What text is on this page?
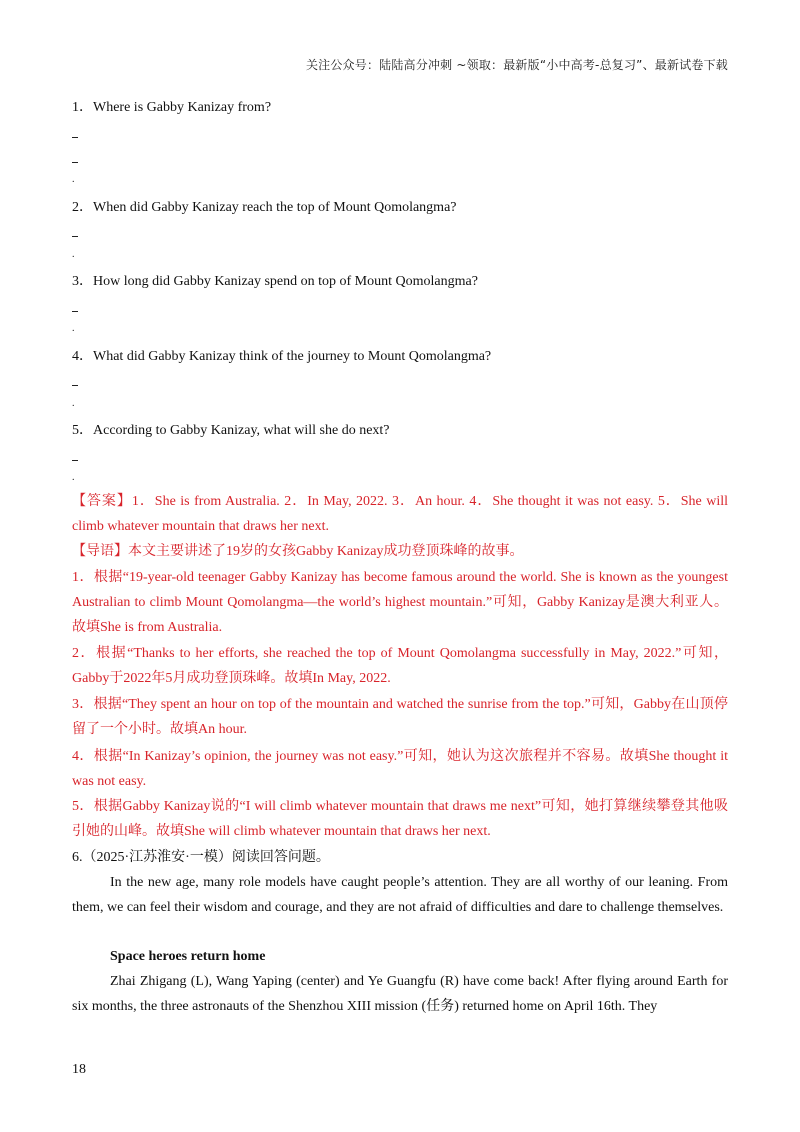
关注公众号：陆陆高分冲刺 ~领取：最新版“小中高考-总复习”、最新试卷下载
1．Where is Gabby Kanizay from?
.
2．When did Gabby Kanizay reach the top of Mount Qomolangma?
.
3．How long did Gabby Kanizay spend on top of Mount Qomolangma?
.
4．What did Gabby Kanizay think of the journey to Mount Qomolangma?
.
5．According to Gabby Kanizay, what will she do next?
.
【答案】1．She is from Australia. 2．In May, 2022. 3．An hour. 4．She thought it was not easy. 5．She will climb whatever mountain that draws her next.
【导语】本文主要讲述了19岁的女孩Gabby Kanizay成功登顶珠峰的故事。
1．根据“19-year-old teenager Gabby Kanizay has become famous around the world. She is known as the youngest Australian to climb Mount Qomolangma—the world’s highest mountain.”可知，Gabby Kanizay是澳大利亚人。故填She is from Australia.
2．根据“Thanks to her efforts, she reached the top of Mount Qomolangma successfully in May, 2022.”可知，Gabby于2022年5月成功登顶珠峰。故填In May, 2022.
3．根据“They spent an hour on top of the mountain and watched the sunrise from the top.”可知，Gabby在山顶停留了一个小时。故填An hour.
4．根据“In Kanizay’s opinion, the journey was not easy.”可知，她认为这次旅程并不容易。故填She thought it was not easy.
5．根据Gabby Kanizay说的“I will climb whatever mountain that draws me next”可知，她打算继续攀登其他吸引她的山峰。故填She will climb whatever mountain that draws her next.
6.（2025·江苏淮安·一模）阅读回答问题。
In the new age, many role models have caught people’s attention. They are all worthy of our leaning. From them, we can feel their wisdom and courage, and they are not afraid of difficulties and dare to challenge themselves.
Space heroes return home
Zhai Zhigang (L), Wang Yaping (center) and Ye Guangfu (R) have come back! After flying around Earth for six months, the three astronauts of the Shenzhou XIII mission (任务) returned home on April 16th. They
18
